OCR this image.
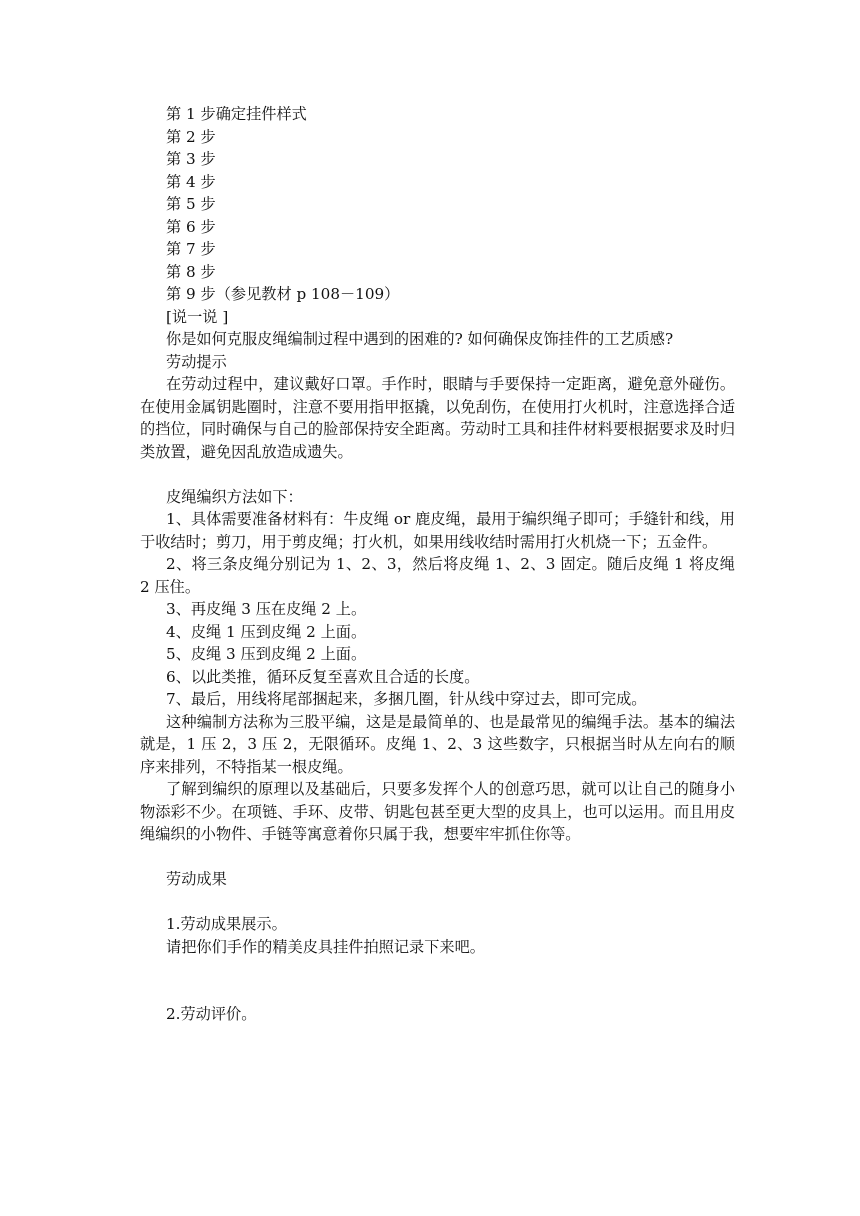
第 1 步确定挂件样式
第 2 步
第 3 步
第 4 步
第 5 步
第 6 步
第 7 步
第 8 步
第 9 步（参见教材 p 108－109）
[说一说 ]
你是如何克服皮绳编制过程中遇到的困难的? 如何确保皮饰挂件的工艺质感?
劳动提示
在劳动过程中，建议戴好口罩。手作时，眼睛与手要保持一定距离，避免意外碰伤。在使用金属钥匙圈时，注意不要用指甲抠撬，以免刮伤，在使用打火机时，注意选择合适的挡位，同时确保与自己的脸部保持安全距离。劳动时工具和挂件材料要根据要求及时归类放置，避免因乱放造成遗失。
皮绳编织方法如下：
1、具体需要准备材料有：牛皮绳 or 鹿皮绳，最用于编织绳子即可；手缝针和线，用于收结时；剪刀，用于剪皮绳；打火机，如果用线收结时需用打火机烧一下；五金件。
2、将三条皮绳分别记为 1、2、3，然后将皮绳 1、2、3 固定。随后皮绳 1 将皮绳 2 压住。
3、再皮绳 3 压在皮绳 2 上。
4、皮绳 1 压到皮绳 2 上面。
5、皮绳 3 压到皮绳 2 上面。
6、以此类推，循环反复至喜欢且合适的长度。
7、最后，用线将尾部捆起来，多捆几圈，针从线中穿过去，即可完成。
这种编制方法称为三股平编，这是是最简单的、也是最常见的编绳手法。基本的编法就是，1 压 2，3 压 2，无限循环。皮绳 1、2、3 这些数字，只根据当时从左向右的顺序来排列，不特指某一根皮绳。
了解到编织的原理以及基础后，只要多发挥个人的创意巧思，就可以让自己的随身小物添彩不少。在项链、手环、皮带、钥匙包甚至更大型的皮具上，也可以运用。而且用皮绳编织的小物件、手链等寓意着你只属于我，想要牢牢抓住你等。
劳动成果
1.劳动成果展示。
请把你们手作的精美皮具挂件拍照记录下来吧。
2.劳动评价。
